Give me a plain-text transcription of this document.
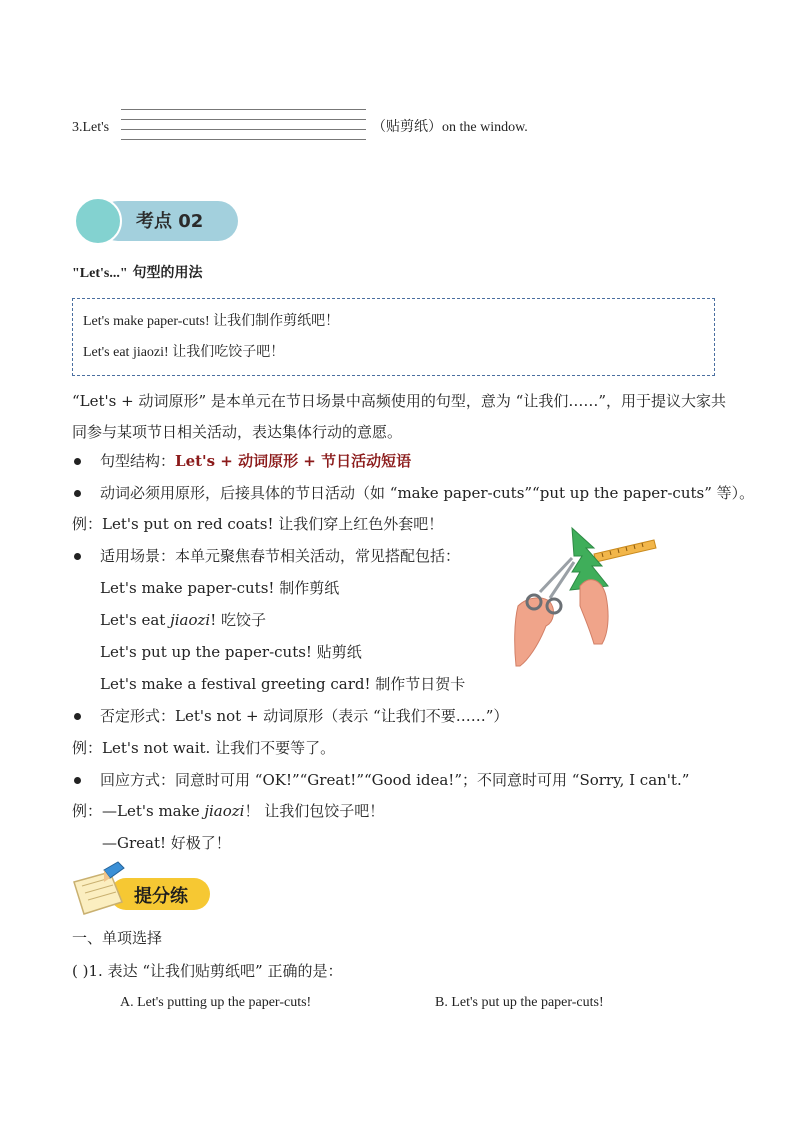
3.Let's	（贴剪纸）on the window.
考点 02
"Let's..." 句型的用法
Let's make paper-cuts! 让我们制作剪纸吧！
Let's eat jiaozi! 让我们吃饺子吧！
“Let's + 动词原形” 是本单元在节日场景中高频使用的句型，意为 “让我们……”，用于提议大家共同参与某项节日相关活动，表达集体行动的意愿。
句型结构：Let's + 动词原形 + 节日活动短语
动词必须用原形，后接具体的节日活动（如 “make paper-cuts”“put up the paper-cuts” 等）。
例：Let's put on red coats! 让我们穿上红色外套吧！
适用场景：本单元聚焦春节相关活动，常见搭配包括：
Let's make paper-cuts! 制作剪纸
Let's eat jiaozi! 吃饺子
Let's put up the paper-cuts! 贴剪纸
Let's make a festival greeting card! 制作节日贺卡
否定形式：Let's not + 动词原形（表示 “让我们不要……”）
例：Let's not wait. 让我们不要等了。
回应方式：同意时可用 “OK!”“Great!”“Good idea!”；不同意时可用 “Sorry, I can't.”
例：—Let's make jiaozi！ 让我们包饺子吧！
—Great! 好极了！
提分练
一、单项选择
( )1. 表达 “让我们贴剪纸吧” 正确的是：
A. Let's putting up the paper-cuts!	B. Let's put up the paper-cuts!
